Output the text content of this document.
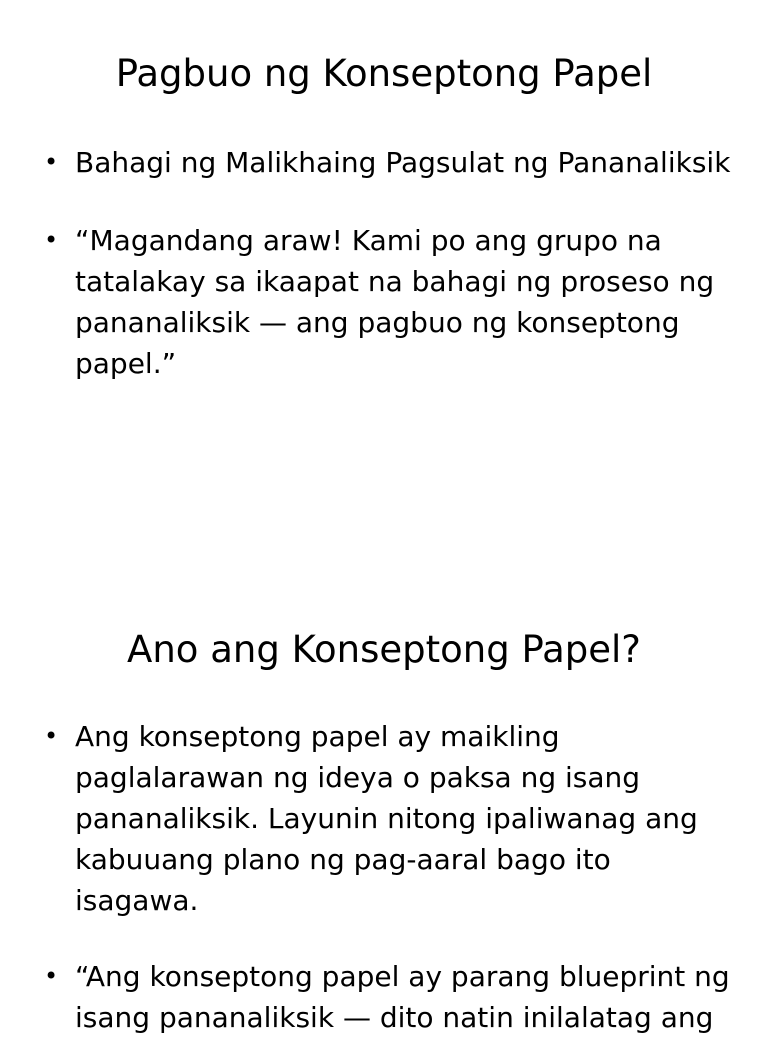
Pagbuo ng Konseptong Papel
• Bahagi ng Malikhaing Pagsulat ng Pananaliksik
• “Magandang araw! Kami po ang grupo na tatalakay sa ikaapat na bahagi ng proseso ng pananaliksik — ang pagbuo ng konseptong papel.”
Ano ang Konseptong Papel?
• Ang konseptong papel ay maikling paglalarawan ng ideya o paksa ng isang pananaliksik. Layunin nitong ipaliwanag ang kabuuang plano ng pag-aaral bago ito isagawa.
• “Ang konseptong papel ay parang blueprint ng isang pananaliksik — dito natin inilalatag ang
